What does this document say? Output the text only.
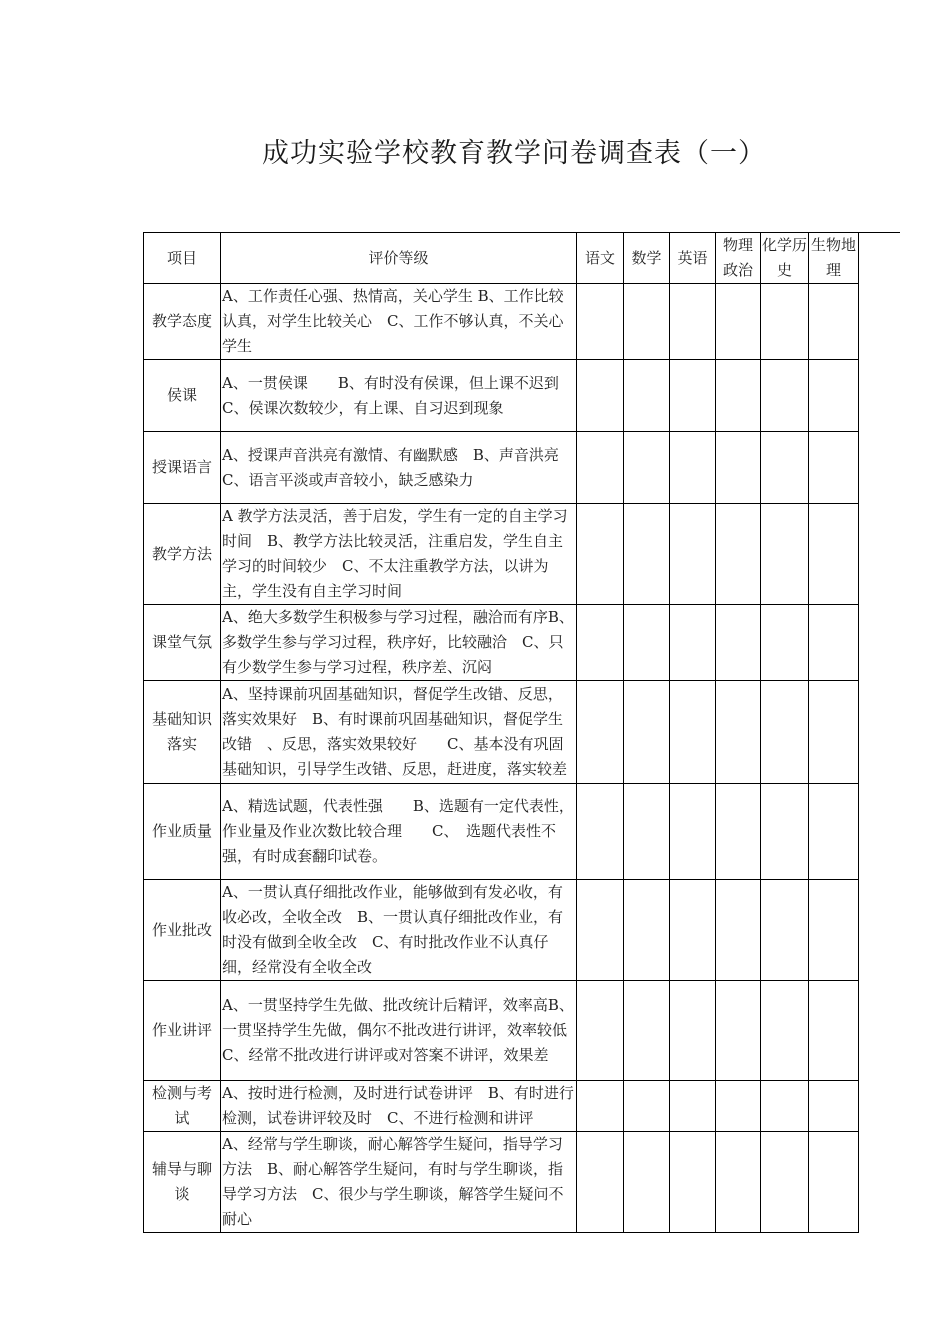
成功实验学校教育教学问卷调查表（一）
项目	评价等级	语文	数学	英语	物理政治	化学历史	生物地理
教学态度	A、工作责任心强、热情高，关心学生 B、工作比较认真，对学生比较关心　C、工作不够认真，不关心学生						
侯课	A、一贯侯课　　B、有时没有侯课，但上课不迟到C、侯课次数较少，有上课、自习迟到现象						
授课语言	A、授课声音洪亮有激情、有幽默感　B、声音洪亮C、语言平淡或声音较小，缺乏感染力						
教学方法	A 教学方法灵活，善于启发，学生有一定的自主学习时间　B、教学方法比较灵活，注重启发，学生自主学习的时间较少　C、不太注重教学方法，以讲为主，学生没有自主学习时间						
课堂气氛	A、绝大多数学生积极参与学习过程，融洽而有序B、多数学生参与学习过程，秩序好，比较融洽　C、只有少数学生参与学习过程，秩序差、沉闷						
基础知识落实	A、坚持课前巩固基础知识，督促学生改错、反思，落实效果好　B、有时课前巩固基础知识，督促学生改错　、反思，落实效果较好　　C、基本没有巩固基础知识，引导学生改错、反思，赶进度，落实较差						
作业质量	A、精选试题，代表性强　　B、选题有一定代表性，作业量及作业次数比较合理　　C、　选题代表性不强，有时成套翻印试卷。						
作业批改	A、一贯认真仔细批改作业，能够做到有发必收，有收必改，全收全改　B、一贯认真仔细批改作业，有时没有做到全收全改　C、有时批改作业不认真仔细，经常没有全收全改						
作业讲评	A、一贯坚持学生先做、批改统计后精评，效率高B、一贯坚持学生先做，偶尔不批改进行讲评，效率较低　　C、经常不批改进行讲评或对答案不讲评，效果差						
检测与考试	A、按时进行检测，及时进行试卷讲评　B、有时进行检测，试卷讲评较及时　C、不进行检测和讲评						
辅导与聊谈	A、经常与学生聊谈，耐心解答学生疑问，指导学习方法　B、耐心解答学生疑问，有时与学生聊谈，指导学习方法　C、很少与学生聊谈，解答学生疑问不耐心						
